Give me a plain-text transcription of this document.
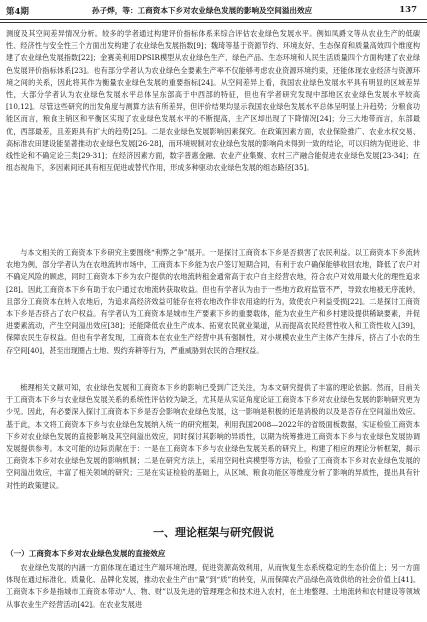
第4期	孙子烨，等：工商资本下乡对农业绿色发展的影响及空间溢出效应	137

测度及其空间差异情况分析。较多的学者通过构建评价指标体系来综合评估农业绿色发展水平。例如凤爵文等从农业生产的低碳性、经济性与安全性三个方面出发构建了农业绿色发展指数[9]；魏琦等基于资源节约、环境友好、生态保育和质量高效四个维度构建了农业绿色发展指数[22]；金赛美利用DPSIR模型从农业绿色生产、绿色产品、生态环境和人民生活质量四个方面构建了农业绿色发展评价指标体系[23]。也有部分学者认为农业绿色全要素生产率不仅能够考虑农业资源环境约束，还能体现农业经济与资源环境之间的关系，因此将其作为衡量农业绿色发展的重要指标[24]。从空间差异上看，我国农业绿色发展水平具有明显的区域差异性，大部分学者认为农业绿色发展水平总体呈东部高于中西部的特征，但也有学者研究发现中部地区农业绿色发展水平较高[10,12]。尽管这些研究的出发角度与测算方法有所差异，但评价结果均显示我国农业绿色发展水平总体呈明显上升趋势；分粮食功能区而言，粮食主销区和平衡区实现了农业绿色发展水平的不断提高，主产区却出现了下降情况[24]；分三大地带而言，东部最优，西部最差，且差距具有扩大的趋势[25]。二是农业绿色发展影响因素探究。在政策因素方面，农业保险推广、农业水权交易、高标准农田建设能显著推动农业绿色发展[26-28]，而环境规制对农业绿色发展的影响尚未得到一致的结论，可以归纳为促进论、非线性论和不确定论三类[29-31]；在经济因素方面，数字普惠金融、农业产业集聚、农村三产融合能促进农业绿色发展[23-34]；在组态视角下，多因素间还具有相互促进或替代作用，形成多种驱动农业绿色发展的组态路径[35]。

与本文相关的工商资本下乡研究主要围绕“利弊之争”展开。一是探讨工商资本下乡是否损害了农民利益。以工商资本下乡流转农地为例，部分学者认为在农地流转市场中，工商资本下乡能为农户签订短期合同，有利于农户确保能够收回农地，降低了农户对不确定风险的顾虑，同时工商资本下乡为农户提供的农地流转租金通常高于农户自主经营农地，符合农户对效用最大化的理性追求[28]。因此工商资本下乡有助于农户通过农地流转获取收益。但也有学者认为由于一些地方政府监管不严，导致农地被无序流转，且部分工商资本在转入农地后，为追求高经济效益可能存在将农地改作非农用途的行为，致使农户利益受损[22]。二是探讨工商资本下乡是否挤占了农户权益。有学者认为工商资本是城市生产要素下乡的重要载体，能为农业生产和乡村建设提供稀缺要素，并促进要素流动，产生空间溢出效应[38]；还能降低农业生产成本、拓宽农民就业渠道，从而提高农民经营性收入和工资性收入[39]，保障农民生存权益。但也有学者发现，工商资本在农业生产经营中具有强制性，对小规模农业生产主体产生排斥，挤占了小农的生存空间[40]，甚至出现圈占土地、毁约弃耕等行为，严重威胁到农民的合理权益。

梳理相关文献可知，农业绿色发展和工商资本下乡的影响已受到广泛关注，为本文研究提供了丰富的理论依据。然而，目前关于工商资本下乡与农业绿色发展关系的系统性评估较为缺乏，尤其是从实证角度论证工商资本下乡对农业绿色发展的影响研究更为少见。因此，有必要深入探讨工商资本下乡是否会影响农业绿色发展，这一影响是积极的还是消极的以及是否存在空间溢出效应。基于此，本文将工商资本下乡与农业绿色发展纳入统一的研究框架，利用我国2008—2022年的省级面板数据，实证检验工商资本下乡对农业绿色发展的直接影响及其空间溢出效应，同时探讨其影响的异质性，以期为统筹推进工商资本下乡与农业绿色发展协调发展提供参考。本文可能的边际贡献在于：一是在工商资本下乡与农业绿色发展关系的研究上，构建了相应的理论分析框架，揭示工商资本下乡对农业绿色发展的影响机制；二是在研究方法上，采用空间杜宾模型等方法，检验了工商资本下乡对农业绿色发展的空间溢出效应，丰富了相关领域的研究；三是在实证检验的基础上，从区域、粮食功能区等维度分析了影响的异质性，提出具有针对性的政策建议。

一、理论框架与研究假说
（一）工商资本下乡对农业绿色发展的直接效应

农业绿色发展的内涵一方面体现在通过生产端环境治理，促进资源高效利用，从而恢复生态系统稳定的生态价值上；另一方面体现在通过标准化、质量化、品牌化发展，推动农业生产由“量”到“质”的转变，从而保障农产品绿色高效供给的社会价值上[41]。工商资本下乡是指城市工商资本带动“人、物、财”以及先进的管理理念和技术进入农村，在土地整理、土地流转和农村建设等领域从事农业生产经营活动[42]。在农业发展进
